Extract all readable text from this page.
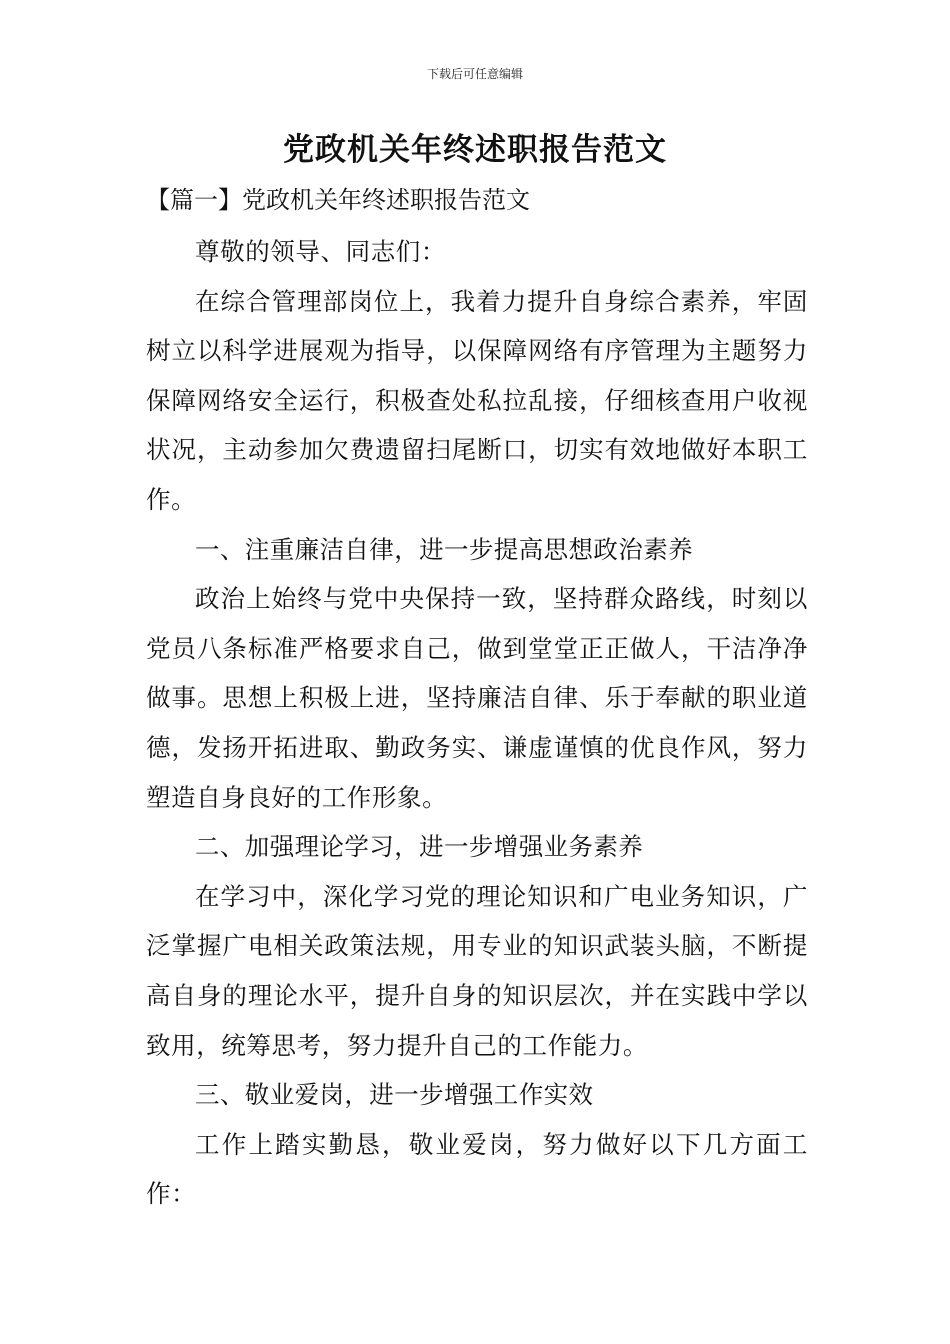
下载后可任意编辑
党政机关年终述职报告范文
【篇一】党政机关年终述职报告范文

尊敬的领导、同志们：

在综合管理部岗位上，我着力提升自身综合素养，牢固树立以科学进展观为指导，以保障网络有序管理为主题努力保障网络安全运行，积极查处私拉乱接，仔细核查用户收视状况，主动参加欠费遗留扫尾断口，切实有效地做好本职工作。

一、注重廉洁自律，进一步提高思想政治素养

政治上始终与党中央保持一致，坚持群众路线，时刻以党员八条标准严格要求自己，做到堂堂正正做人，干洁净净做事。思想上积极上进，坚持廉洁自律、乐于奉献的职业道德，发扬开拓进取、勤政务实、谦虚谨慎的优良作风，努力塑造自身良好的工作形象。

二、加强理论学习，进一步增强业务素养

在学习中，深化学习党的理论知识和广电业务知识，广泛掌握广电相关政策法规，用专业的知识武装头脑，不断提高自身的理论水平，提升自身的知识层次，并在实践中学以致用，统筹思考，努力提升自己的工作能力。

三、敬业爱岗，进一步增强工作实效

工作上踏实勤恳，敬业爱岗，努力做好以下几方面工作：
